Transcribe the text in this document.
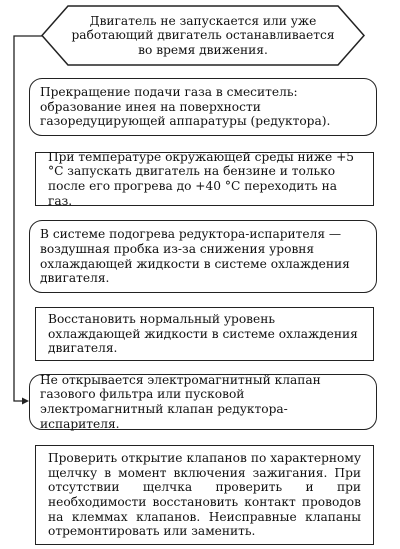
Двигатель не запускается или уже работающий двигатель останавливается во время движения.

Прекращение подачи газа в смеситель: образование инея на поверхности газоредуцирующей аппаратуры (редуктора).

При температуре окружающей среды ниже +5 °С запускать двигатель на бензине и только после его прогрева до +40 °С переходить на газ.

В системе подогрева редуктора-испарителя — воздушная пробка из-за снижения уровня охлаждающей жидкости в системе охлаждения двигателя.

Восстановить нормальный уровень охлаждающей жидкости в системе охлаждения двигателя.

Не открывается электромагнитный клапан газового фильтра или пусковой электромагнитный клапан редуктора-испарителя.

Проверить открытие клапанов по характерному щелчку в момент включения зажигания. При отсутствии щелчка проверить и при необходимости восстановить контакт проводов на клеммах клапанов. Неисправные клапаны отремонтировать или заменить.
